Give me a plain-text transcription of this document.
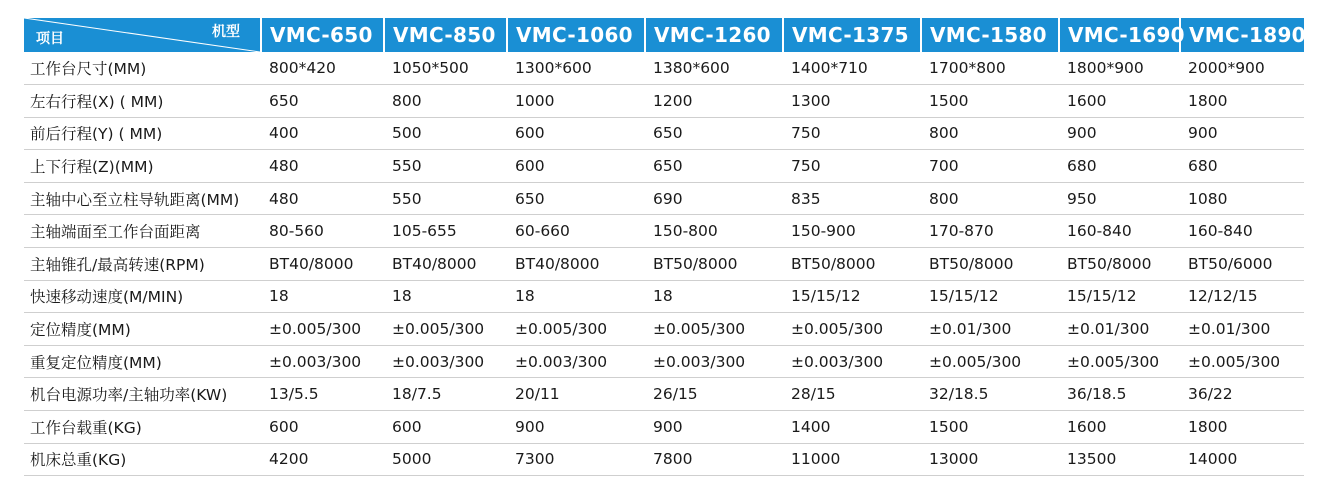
项目 机型	VMC-650	VMC-850	VMC-1060	VMC-1260	VMC-1375	VMC-1580	VMC-1690	VMC-1890
工作台尺寸(MM)	800*420	1050*500	1300*600	1380*600	1400*710	1700*800	1800*900	2000*900
左右行程(X) ( MM)	650	800	1000	1200	1300	1500	1600	1800
前后行程(Y) ( MM)	400	500	600	650	750	800	900	900
上下行程(Z)(MM)	480	550	600	650	750	700	680	680
主轴中心至立柱导轨距离(MM)	480	550	650	690	835	800	950	1080
主轴端面至工作台面距离	80-560	105-655	60-660	150-800	150-900	170-870	160-840	160-840
主轴锥孔/最高转速(RPM)	BT40/8000	BT40/8000	BT40/8000	BT50/8000	BT50/8000	BT50/8000	BT50/8000	BT50/6000
快速移动速度(M/MIN)	18	18	18	18	15/15/12	15/15/12	15/15/12	12/12/15
定位精度(MM)	±0.005/300	±0.005/300	±0.005/300	±0.005/300	±0.005/300	±0.01/300	±0.01/300	±0.01/300
重复定位精度(MM)	±0.003/300	±0.003/300	±0.003/300	±0.003/300	±0.003/300	±0.005/300	±0.005/300	±0.005/300
机台电源功率/主轴功率(KW)	13/5.5	18/7.5	20/11	26/15	28/15	32/18.5	36/18.5	36/22
工作台载重(KG)	600	600	900	900	1400	1500	1600	1800
机床总重(KG)	4200	5000	7300	7800	11000	13000	13500	14000
